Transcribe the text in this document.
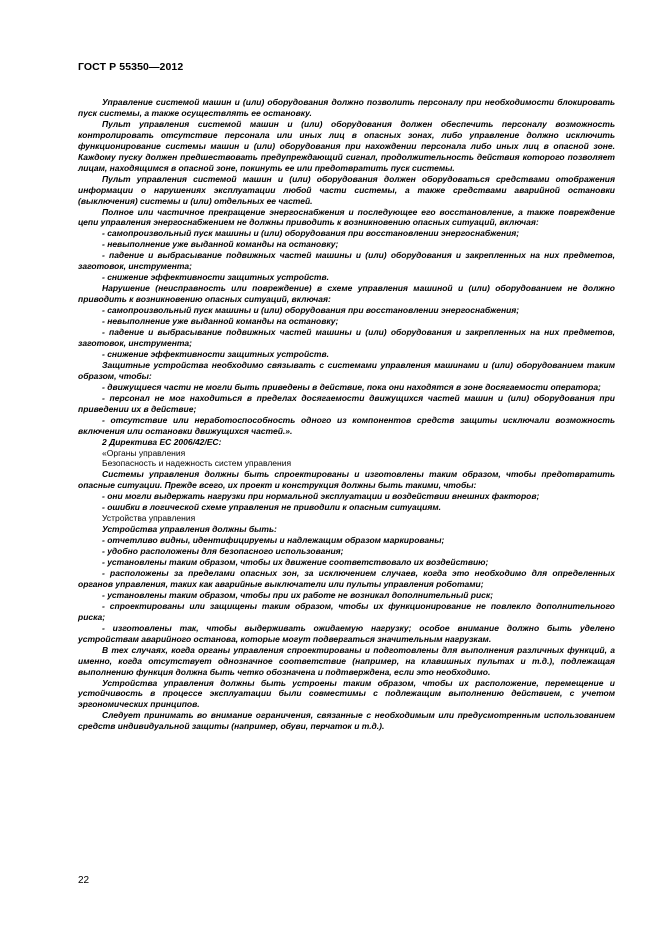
ГОСТ Р 55350—2012

Управление системой машин и (или) оборудования должно позволить персоналу при необходимости блокировать пуск системы, а также осуществлять ее остановку.

Пульт управления системой машин и (или) оборудования должен обеспечить персоналу возможность контролировать отсутствие персонала или иных лиц в опасных зонах, либо управление должно исключить функционирование системы машин и (или) оборудования при нахождении персонала либо иных лиц в опасной зоне. Каждому пуску должен предшествовать предупреждающий сигнал, продолжительность действия которого позволяет лицам, находящимся в опасной зоне, покинуть ее или предотвратить пуск системы.

Пульт управления системой машин и (или) оборудования должен оборудоваться средствами отображения информации о нарушениях эксплуатации любой части системы, а также средствами аварийной остановки (выключения) системы и (или) отдельных ее частей.

Полное или частичное прекращение энергоснабжения и последующее его восстановление, а также повреждение цепи управления энергоснабжением не должны приводить к возникновению опасных ситуаций, включая:

- самопроизвольный пуск машины и (или) оборудования при восстановлении энергоснабжения;

- невыполнение уже выданной команды на остановку;

- падение и выбрасывание подвижных частей машины и (или) оборудования и закрепленных на них предметов, заготовок, инструмента;

- снижение эффективности защитных устройств.

Нарушение (неисправность или повреждение) в схеме управления машиной и (или) оборудованием не должно приводить к возникновению опасных ситуаций, включая:

- самопроизвольный пуск машины и (или) оборудования при восстановлении энергоснабжения;

- невыполнение уже выданной команды на остановку;

- падение и выбрасывание подвижных частей машины и (или) оборудования и закрепленных на них предметов, заготовок, инструмента;

- снижение эффективности защитных устройств.

Защитные устройства необходимо связывать с системами управления машинами и (или) оборудованием таким образом, чтобы:

- движущиеся части не могли быть приведены в действие, пока они находятся в зоне досягаемости оператора;

- персонал не мог находиться в пределах досягаемости движущихся частей машин и (или) оборудования при приведении их в действие;

- отсутствие или неработоспособность одного из компонентов средств защиты исключали возможность включения или остановки движущихся частей.».

2 Директива ЕС 2006/42/ЕС:

«Органы управления

Безопасность и надежность систем управления

Системы управления должны быть спроектированы и изготовлены таким образом, чтобы предотвратить опасные ситуации. Прежде всего, их проект и конструкция должны быть такими, чтобы:

- они могли выдержать нагрузки при нормальной эксплуатации и воздействии внешних факторов;

- ошибки в логической схеме управления не приводили к опасным ситуациям.

Устройства управления

Устройства управления должны быть:

- отчетливо видны, идентифицируемы и надлежащим образом маркированы;

- удобно расположены для безопасного использования;

- установлены таким образом, чтобы их движение соответствовало их воздействию;

- расположены за пределами опасных зон, за исключением случаев, когда это необходимо для определенных органов управления, таких как аварийные выключатели или пульты управления роботами;

- установлены таким образом, чтобы при их работе не возникал дополнительный риск;

- спроектированы или защищены таким образом, чтобы их функционирование не повлекло дополнительного риска;

- изготовлены так, чтобы выдерживать ожидаемую нагрузку; особое внимание должно быть уделено устройствам аварийного останова, которые могут подвергаться значительным нагрузкам.

В тех случаях, когда органы управления спроектированы и подготовлены для выполнения различных функций, а именно, когда отсутствует однозначное соответствие (например, на клавишных пультах и т.д.), подлежащая выполнению функция должна быть четко обозначена и подтверждена, если это необходимо.

Устройства управления должны быть устроены таким образом, чтобы их расположение, перемещение и устойчивость в процессе эксплуатации были совместимы с подлежащим выполнению действием, с учетом эргономических принципов.

Следует принимать во внимание ограничения, связанные с необходимым или предусмотренным использованием средств индивидуальной защиты (например, обуви, перчаток и т.д.).

22
